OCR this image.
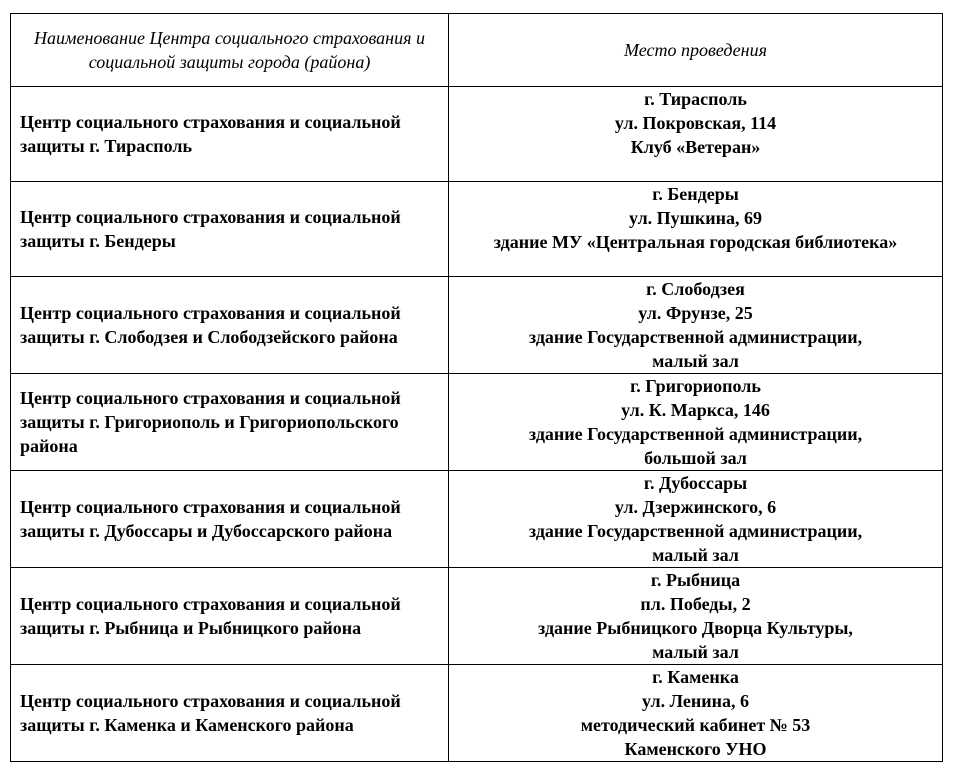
Наименование Центра социального страхования и социальной защиты города (района)	Место проведения
Центр социального страхования и социальной защиты г. Тирасполь	г. Тирасполь
ул. Покровская, 114
Клуб «Ветеран»

Центр социального страхования и социальной защиты г. Бендеры	г. Бендеры
ул. Пушкина, 69
здание МУ «Центральная городская библиотека»

Центр социального страхования и социальной защиты г. Слободзея и Слободзейского района	г. Слободзея
ул. Фрунзе, 25
здание Государственной администрации,
малый зал

Центр социального страхования и социальной защиты г. Григориополь и Григориопольского района	г. Григориополь
ул. К. Маркса, 146
здание Государственной администрации,
большой зал

Центр социального страхования и социальной защиты г. Дубоссары и Дубоссарского района	г. Дубоссары
ул. Дзержинского, 6
здание Государственной администрации,
малый зал

Центр социального страхования и социальной защиты г. Рыбница и Рыбницкого района	г. Рыбница
пл. Победы, 2
здание Рыбницкого Дворца Культуры,
малый зал

Центр социального страхования и социальной защиты г. Каменка и Каменского района	г. Каменка
ул. Ленина, 6
методический кабинет № 53
Каменского УНО
